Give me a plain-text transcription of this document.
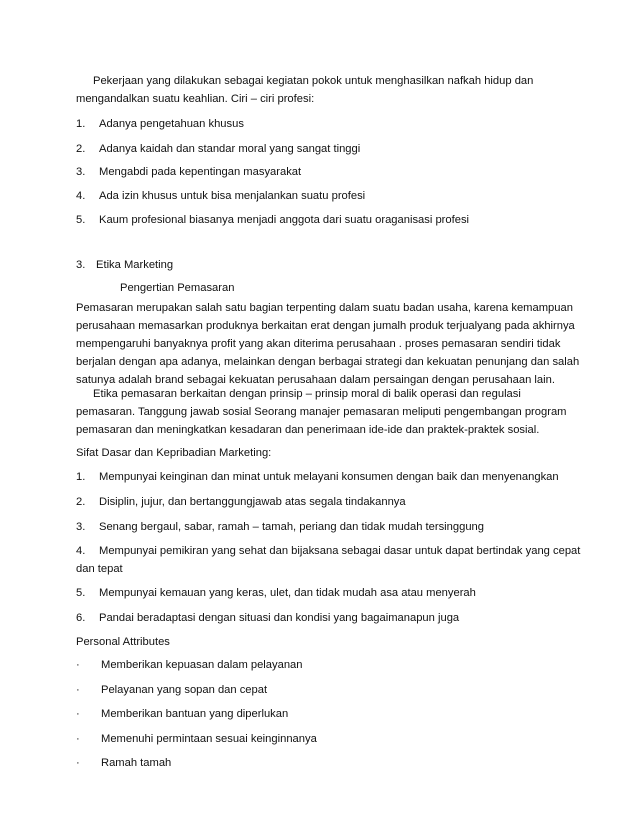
Pekerjaan yang dilakukan sebagai kegiatan pokok untuk menghasilkan nafkah hidup dan
mengandalkan suatu keahlian. Ciri – ciri profesi:
1. Adanya pengetahuan khusus
2. Adanya kaidah dan standar moral yang sangat tinggi
3. Mengabdi pada kepentingan masyarakat
4. Ada izin khusus untuk bisa menjalankan suatu profesi
5. Kaum profesional biasanya menjadi anggota dari suatu oraganisasi profesi
3. Etika Marketing
Pengertian Pemasaran
Pemasaran merupakan salah satu bagian terpenting dalam suatu badan usaha, karena kemampuan
perusahaan memasarkan produknya berkaitan erat dengan jumalh produk terjualyang pada akhirnya
mempengaruhi banyaknya profit yang akan diterima perusahaan . proses pemasaran sendiri tidak
berjalan dengan apa adanya, melainkan dengan berbagai strategi dan kekuatan penunjang dan salah
satunya adalah brand sebagai kekuatan perusahaan dalam persaingan dengan perusahaan lain.
Etika pemasaran berkaitan dengan prinsip – prinsip moral di balik operasi dan regulasi
pemasaran. Tanggung jawab sosial Seorang manajer pemasaran meliputi pengembangan program
pemasaran dan meningkatkan kesadaran dan penerimaan ide-ide dan praktek-praktek sosial.
Sifat Dasar dan Kepribadian Marketing:
1. Mempunyai keinginan dan minat untuk melayani konsumen dengan baik dan menyenangkan
2. Disiplin, jujur, dan bertanggungjawab atas segala tindakannya
3. Senang bergaul, sabar, ramah – tamah, periang dan tidak mudah tersinggung
4. Mempunyai pemikiran yang sehat dan bijaksana sebagai dasar untuk dapat bertindak yang cepat
dan tepat
5. Mempunyai kemauan yang keras, ulet, dan tidak mudah asa atau menyerah
6. Pandai beradaptasi dengan situasi dan kondisi yang bagaimanapun juga
Personal Attributes
· Memberikan kepuasan dalam pelayanan
· Pelayanan yang sopan dan cepat
· Memberikan bantuan yang diperlukan
· Memenuhi permintaan sesuai keinginnanya
· Ramah tamah
